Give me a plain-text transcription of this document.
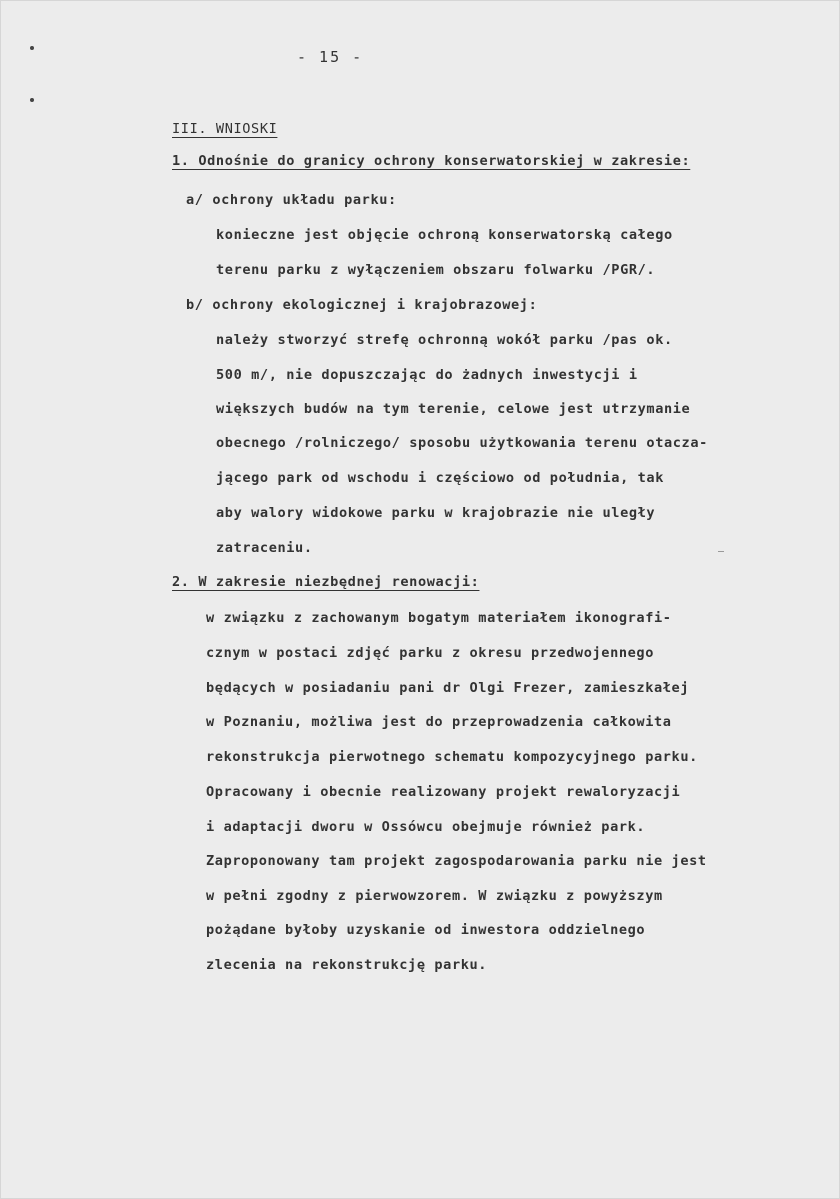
- 15 -
III. WNIOSKI
1. Odnośnie do granicy ochrony konserwatorskiej w zakresie:
a/ ochrony układu parku:
konieczne jest objęcie ochroną konserwatorską całego
terenu parku z wyłączeniem obszaru folwarku /PGR/.
b/ ochrony ekologicznej i krajobrazowej:
należy stworzyć strefę ochronną wokół parku /pas ok.
500 m/, nie dopuszczając do żadnych inwestycji i
większych budów na tym terenie, celowe jest utrzymanie
obecnego /rolniczego/ sposobu użytkowania terenu otacza-
jącego park od wschodu i częściowo od południa, tak
aby walory widokowe parku w krajobrazie nie uległy
zatraceniu.
2. W zakresie niezbędnej renowacji:
w związku z zachowanym bogatym materiałem ikonografi-
cznym w postaci zdjęć parku z okresu przedwojennego
będących w posiadaniu pani dr Olgi Frezer, zamieszkałej
w Poznaniu, możliwa jest do przeprowadzenia całkowita
rekonstrukcja pierwotnego schematu kompozycyjnego parku.
Opracowany i obecnie realizowany projekt rewaloryzacji
i adaptacji dworu w Ossówcu obejmuje również park.
Zaproponowany tam projekt zagospodarowania parku nie jest
w pełni zgodny z pierwowzorem. W związku z powyższym
pożądane byłoby uzyskanie od inwestora oddzielnego
zlecenia na rekonstrukcję parku.
